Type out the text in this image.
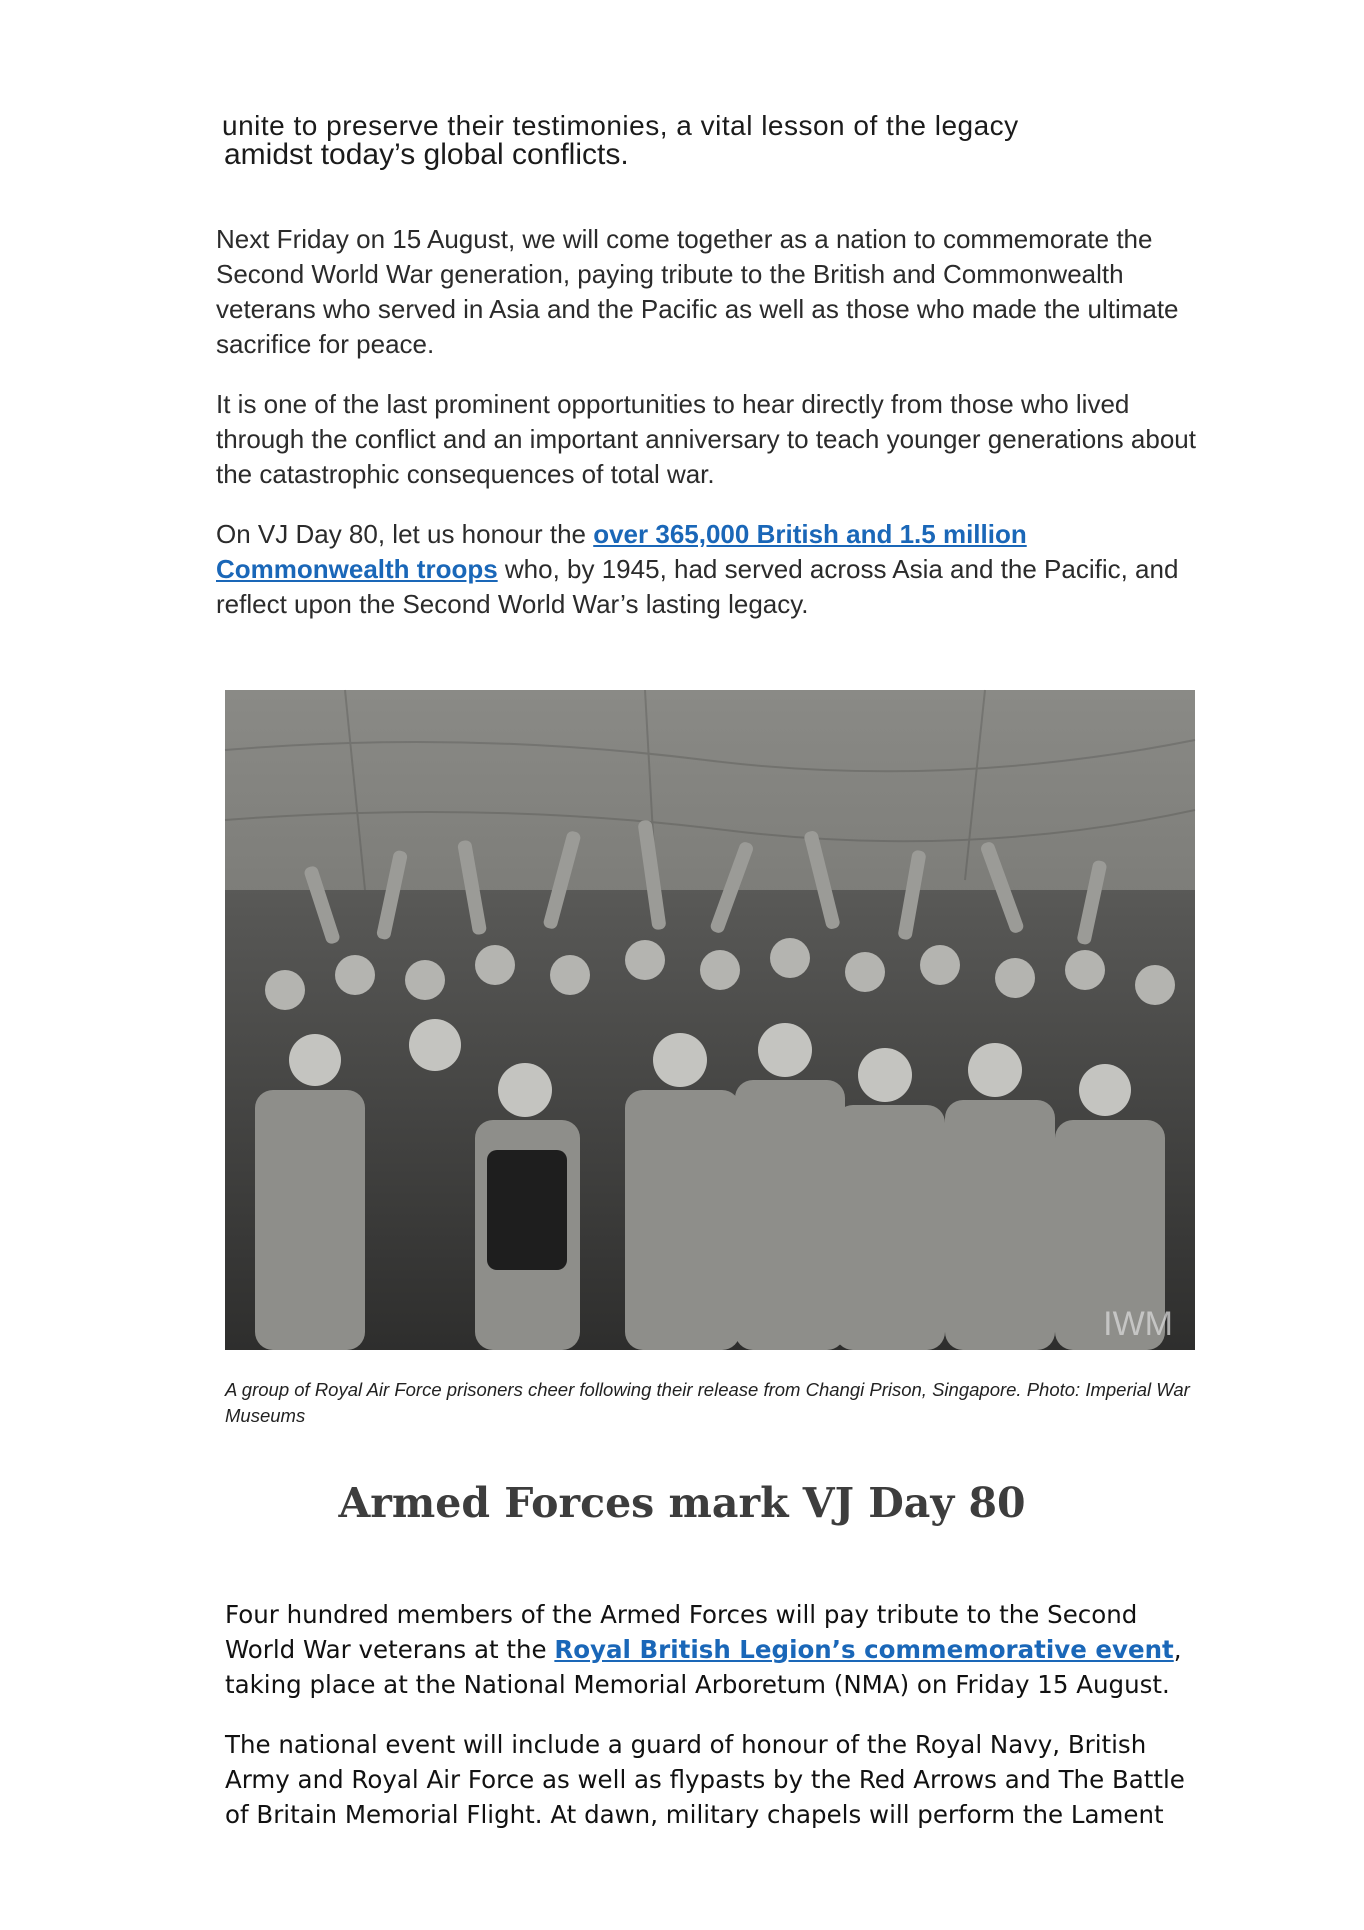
unite to preserve their testimonies, a vital lesson of the legacy
amidst today’s global conflicts.

Next Friday on 15 August, we will come together as a nation to commemorate the Second World War generation, paying tribute to the British and Commonwealth veterans who served in Asia and the Pacific as well as those who made the ultimate sacrifice for peace.

It is one of the last prominent opportunities to hear directly from those who lived through the conflict and an important anniversary to teach younger generations about the catastrophic consequences of total war.

On VJ Day 80, let us honour the over 365,000 British and 1.5 million Commonwealth troops who, by 1945, had served across Asia and the Pacific, and reflect upon the Second World War’s lasting legacy.

IWM
A group of Royal Air Force prisoners cheer following their release from Changi Prison, Singapore. Photo: Imperial War Museums
Armed Forces mark VJ Day 80

Four hundred members of the Armed Forces will pay tribute to the Second World War veterans at the Royal British Legion’s commemorative event, taking place at the National Memorial Arboretum (NMA) on Friday 15 August.

The national event will include a guard of honour of the Royal Navy, British Army and Royal Air Force as well as flypasts by the Red Arrows and The Battle of Britain Memorial Flight. At dawn, military chapels will perform the Lament
